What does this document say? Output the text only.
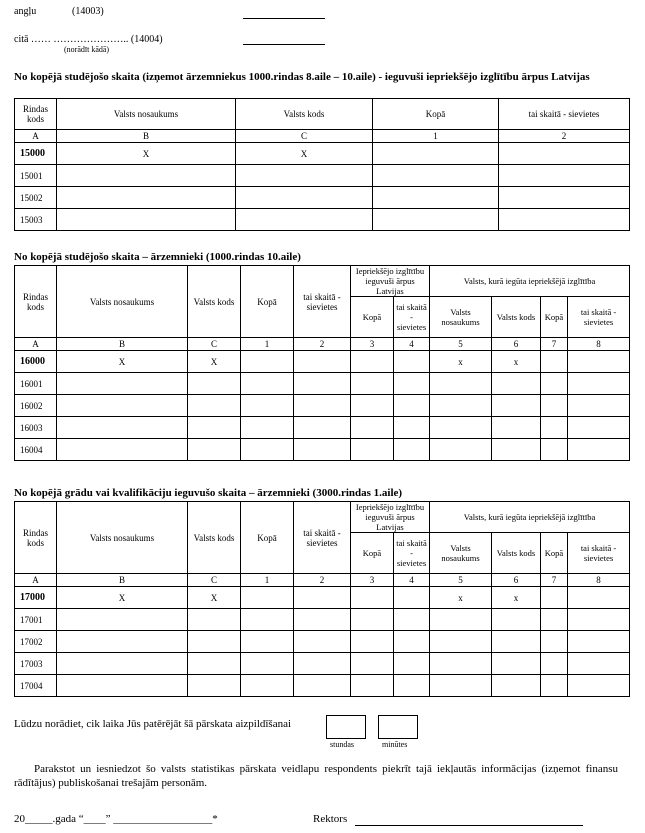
angļu	(14003)
citā …… ………………….. (14004)
(norādīt kādā)
No kopējā studējošo skaita (izņemot ārzemniekus 1000.rindas 8.aile – 10.aile) - ieguvuši iepriekšējo izglītību ārpus Latvijas
Rindas kods	Valsts nosaukums	Valsts kods	Kopā	tai skaitā - sievietes
A	B	C	1	2
15000	X	X		
15001				
15002				
15003				
No kopējā studējošo skaita – ārzemnieki (1000.rindas 10.aile)
Rindas kods	Valsts nosaukums	Valsts kods	Kopā	tai skaitā - sievietes	Iepriekšējo izglītību ieguvuši ārpus Latvijas		Valsts, kurā iegūta iepriekšējā izglītība			
					Kopā	tai skaitā - sievietes	Valsts nosaukums	Valsts kods	Kopā	tai skaitā - sievietes
A	B	C	1	2	3	4	5	6	7	8
16000	X	X					x	x		
16001										
16002										
16003										
16004										
No kopējā grādu vai kvalifikāciju ieguvušo skaita – ārzemnieki (3000.rindas 1.aile)
Rindas kods	Valsts nosaukums	Valsts kods	Kopā	tai skaitā - sievietes	Iepriekšējo izglītību ieguvuši ārpus Latvijas		Valsts, kurā iegūta iepriekšējā izglītība			
					Kopā	tai skaitā - sievietes	Valsts nosaukums	Valsts kods	Kopā	tai skaitā - sievietes
A	B	C	1	2	3	4	5	6	7	8
17000	X	X					x	x		
17001										
17002										
17003										
17004										
Lūdzu norādiet, cik laika Jūs patērējāt šā pārskata aizpildīšanai
stundas	minūtes
Parakstot un iesniedzot šo valsts statistikas pārskata veidlapu respondents piekrīt tajā iekļautās informācijas (izņemot finansu rādītājus) publiskošanai trešajām personām.
20_____.gada “____” __________________*	Rektors
